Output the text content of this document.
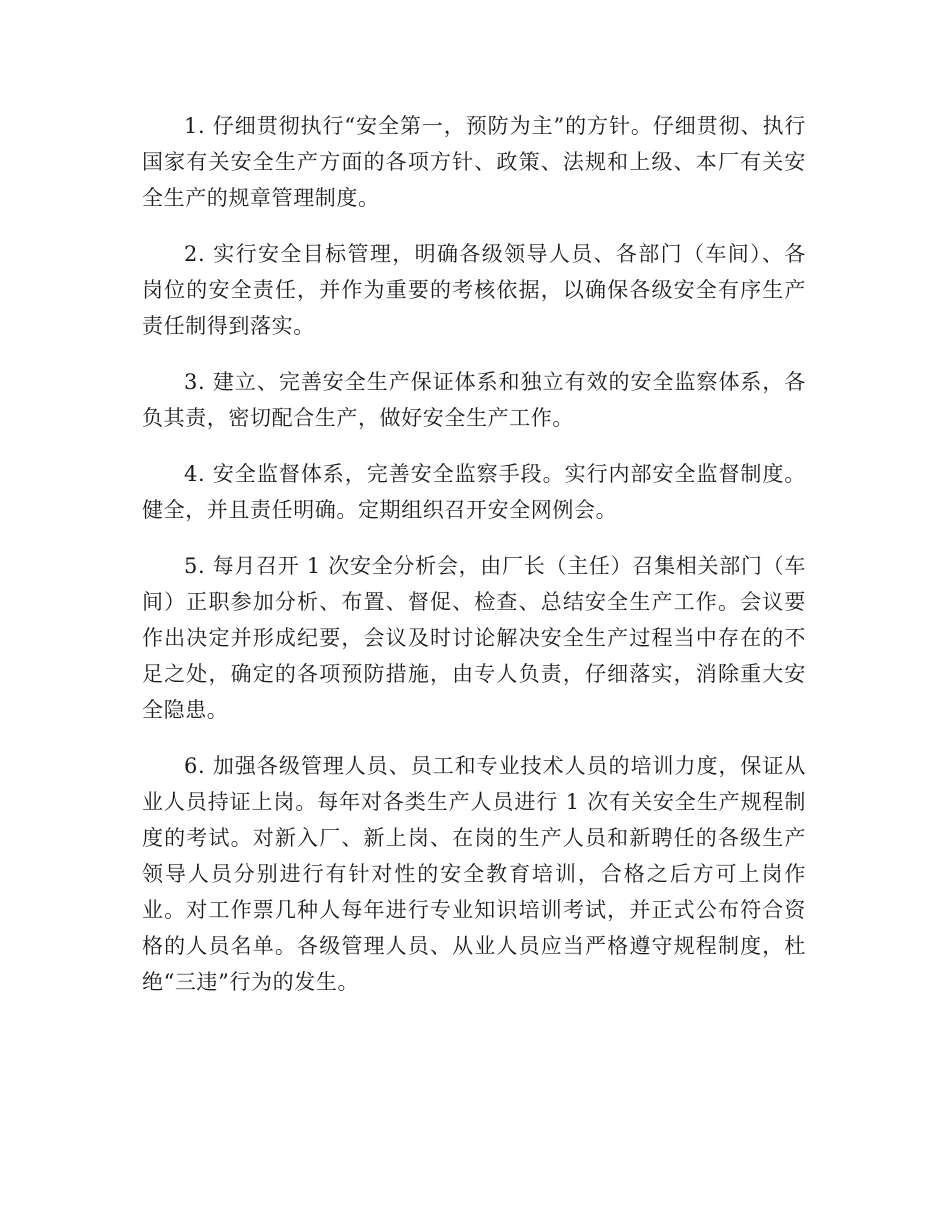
1. 仔细贯彻执行“安全第一，预防为主”的方针。仔细贯彻、执行国家有关安全生产方面的各项方针、政策、法规和上级、本厂有关安全生产的规章管理制度。

2. 实行安全目标管理，明确各级领导人员、各部门（车间）、各岗位的安全责任，并作为重要的考核依据，以确保各级安全有序生产责任制得到落实。

3. 建立、完善安全生产保证体系和独立有效的安全监察体系，各负其责，密切配合生产，做好安全生产工作。

4. 安全监督体系，完善安全监察手段。实行内部安全监督制度。健全，并且责任明确。定期组织召开安全网例会。

5. 每月召开 1 次安全分析会，由厂长（主任）召集相关部门（车间）正职参加分析、布置、督促、检查、总结安全生产工作。会议要作出决定并形成纪要，会议及时讨论解决安全生产过程当中存在的不足之处，确定的各项预防措施，由专人负责，仔细落实，消除重大安全隐患。

6. 加强各级管理人员、员工和专业技术人员的培训力度，保证从业人员持证上岗。每年对各类生产人员进行 1 次有关安全生产规程制度的考试。对新入厂、新上岗、在岗的生产人员和新聘任的各级生产领导人员分别进行有针对性的安全教育培训，合格之后方可上岗作业。对工作票几种人每年进行专业知识培训考试，并正式公布符合资格的人员名单。各级管理人员、从业人员应当严格遵守规程制度，杜绝“三违”行为的发生。
